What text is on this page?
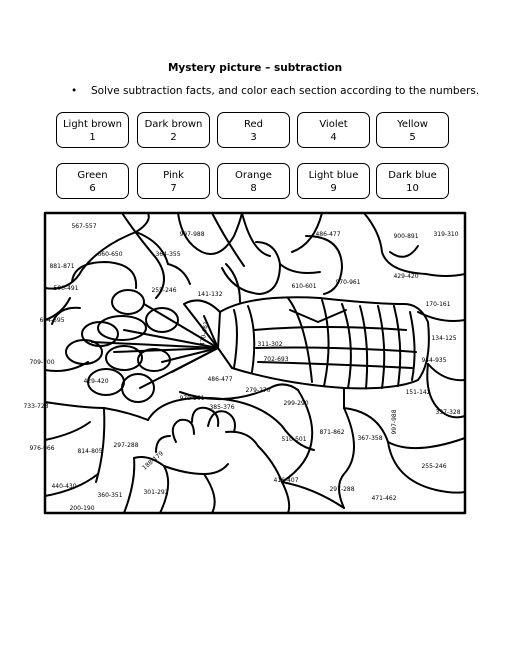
Mystery picture – subtraction
• Solve subtraction facts, and color each section according to the numbers.
Light brown
1
Dark brown
2
Red
3
Violet
4
Yellow
5
Green
6
Pink
7
Orange
8
Light blue
9
Dark blue
10
567-557
997-988	486-477	900-891 319-310
660-650	364-355
881-871
429-420
970-961
255-246
500-491
141-132
610-601
170-161
604-595
134-125
470-461	311-302
709-700	702-693	944-935
429-420	486-477
279-270	151-142
733-723
970-961
385-376
299-290
337-328
871-862	997-988
976-966	814-805
510-501	367-358
297-288
255-246
188-179
440-430
416-407
297-288
301-292
360-351	471-462
200-190
